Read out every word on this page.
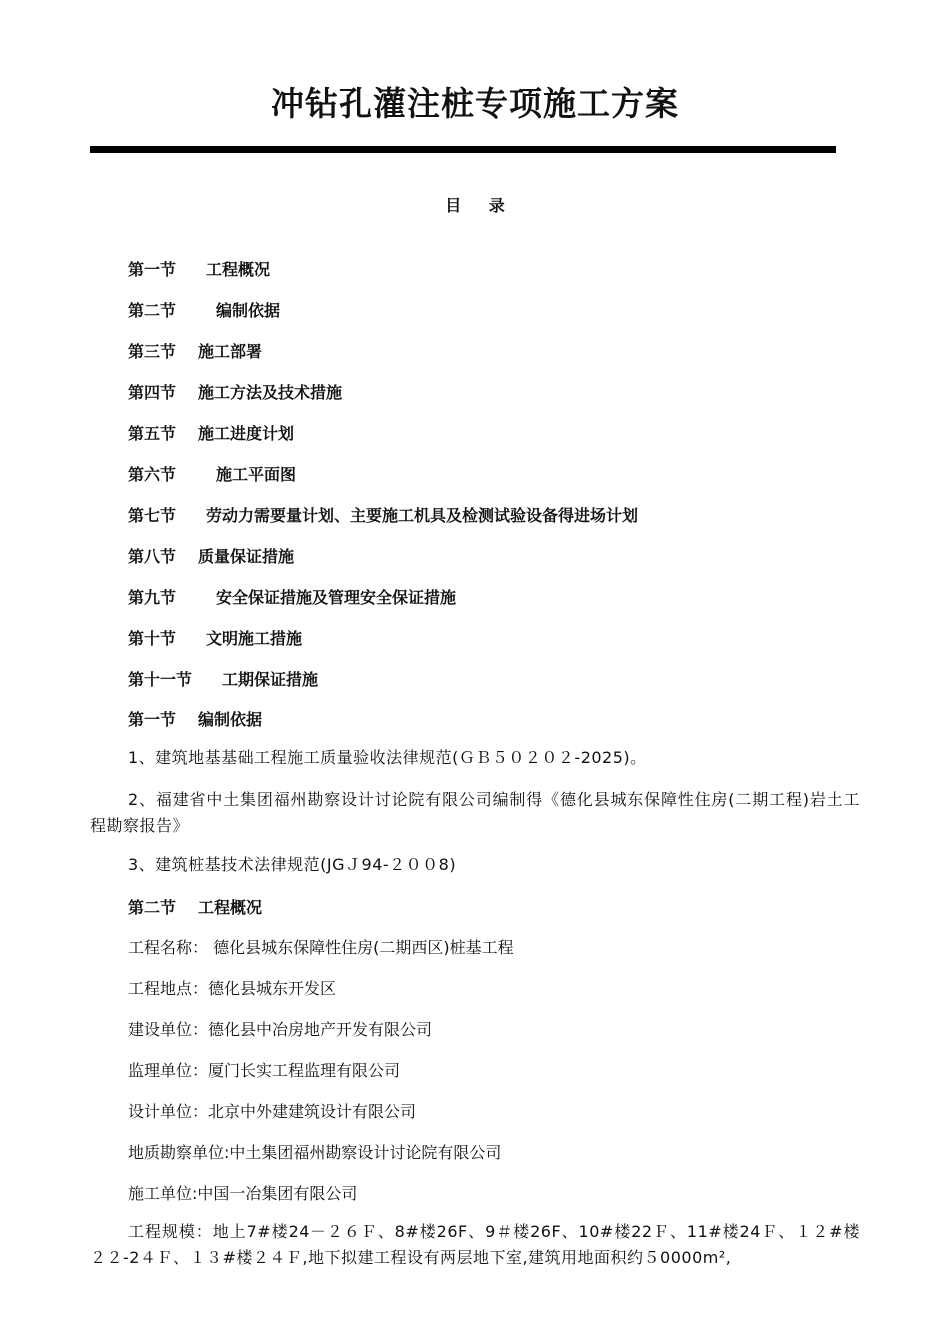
冲钻孔灌注桩专项施工方案
目 录
第一节 工程概况
第二节	编制依据
第三节 施工部署
第四节 施工方法及技术措施
第五节 施工进度计划
第六节	施工平面图
第七节 劳动力需要量计划、主要施工机具及检测试验设备得进场计划
第八节 质量保证措施
第九节	安全保证措施及管理安全保证措施
第十节 文明施工措施
第十一节 工期保证措施
第一节 编制依据
1、建筑地基基础工程施工质量验收法律规范(ＧＢ５０２０２-2025)。
2、福建省中土集团福州勘察设计讨论院有限公司编制得《德化县城东保障性住房(二期工程)岩土工程勘察报告》
3、建筑桩基技术法律规范(JGＪ94-２００8)
第二节 工程概况
工程名称： 德化县城东保障性住房(二期西区)桩基工程
工程地点：德化县城东开发区
建设单位：德化县中冶房地产开发有限公司
监理单位：厦门长实工程监理有限公司
设计单位：北京中外建建筑设计有限公司
地质勘察单位:中土集团福州勘察设计讨论院有限公司
施工单位:中国一冶集团有限公司
工程规模：地上7#楼24－２６Ｆ、8#楼26F、9＃楼26F、10#楼22Ｆ、11#楼24Ｆ、１２#楼２２-2４Ｆ、１３#楼２４Ｆ,地下拟建工程设有两层地下室,建筑用地面积约５0000m²,
